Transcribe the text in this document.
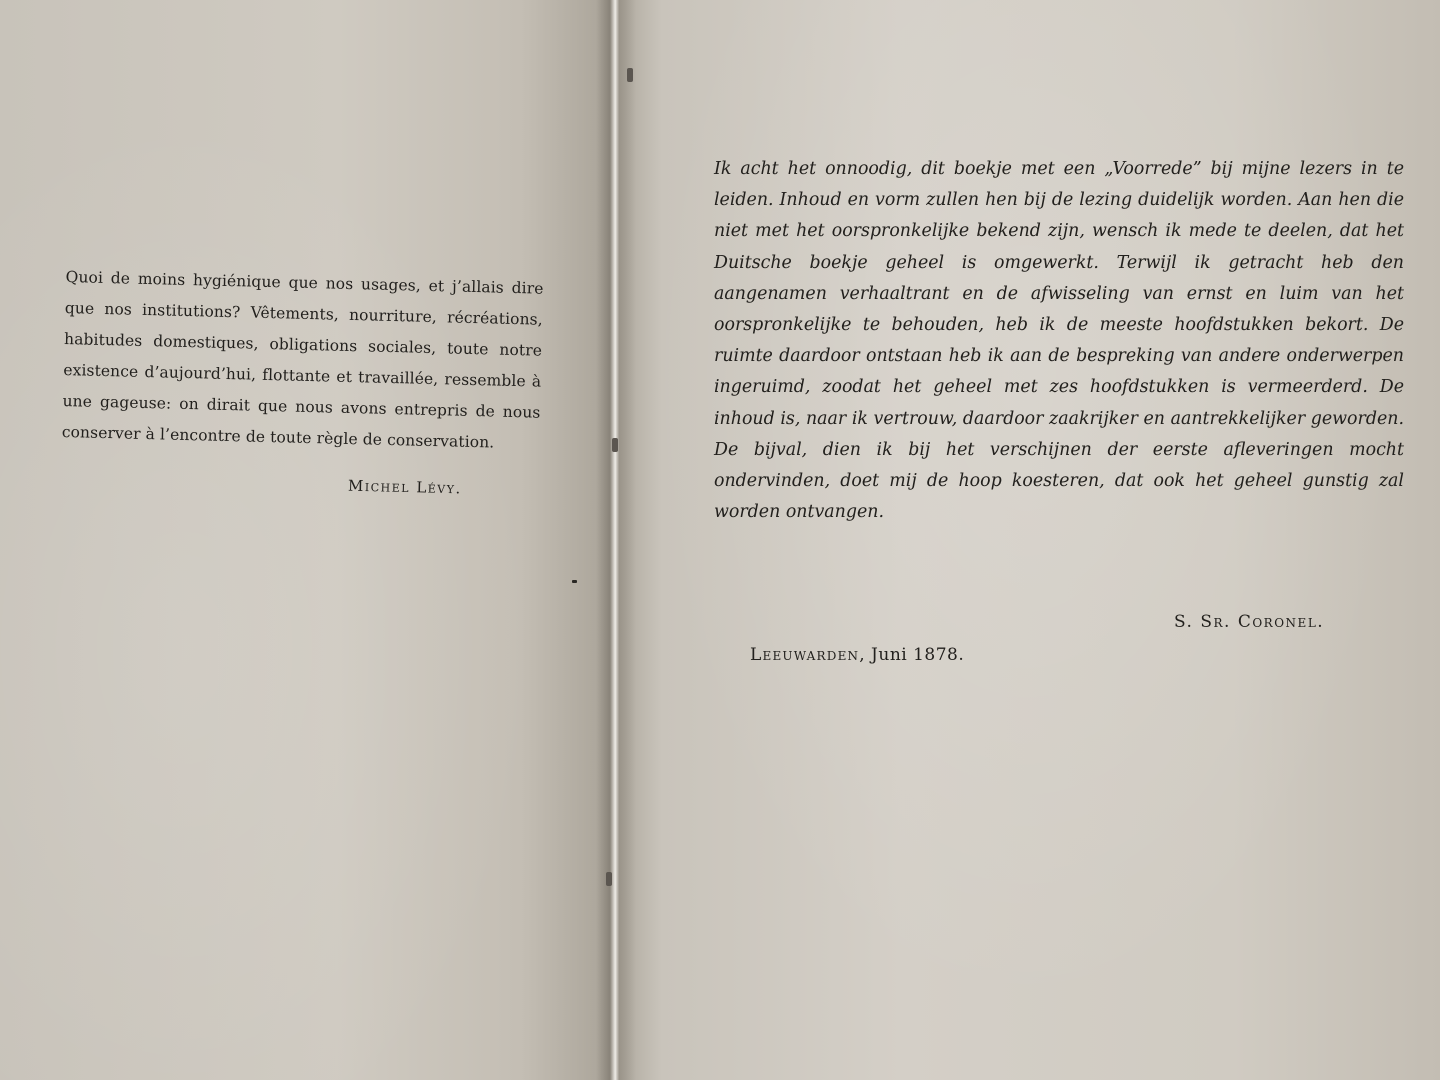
Quoi de moins hygiénique que nos usages, et j’allais dire que nos institutions? Vêtements, nourriture, récréations, habitudes domestiques, obligations sociales, toute notre existence d’aujourd’hui, flottante et travaillée, ressemble à une gageuse: on dirait que nous avons entrepris de nous conserver à l’encontre de toute règle de conservation.
Michel Lévy.
Ik acht het onnoodig, dit boekje met een „Voorrede” bij mijne lezers in te leiden. Inhoud en vorm zullen hen bij de lezing duidelijk worden. Aan hen die niet met het oorspronkelijke bekend zijn, wensch ik mede te deelen, dat het Duitsche boekje geheel is omgewerkt. Terwijl ik getracht heb den aangenamen verhaaltrant en de afwisseling van ernst en luim van het oorspronkelijke te behouden, heb ik de meeste hoofdstukken bekort. De ruimte daardoor ontstaan heb ik aan de bespreking van andere onderwerpen ingeruimd, zoodat het geheel met zes hoofdstukken is vermeerderd. De inhoud is, naar ik vertrouw, daardoor zaakrijker en aantrekkelijker geworden. De bijval, dien ik bij het verschijnen der eerste afleveringen mocht ondervinden, doet mij de hoop koesteren, dat ook het geheel gunstig zal worden ontvangen.
S. Sr. Coronel.
Leeuwarden, Juni 1878.
